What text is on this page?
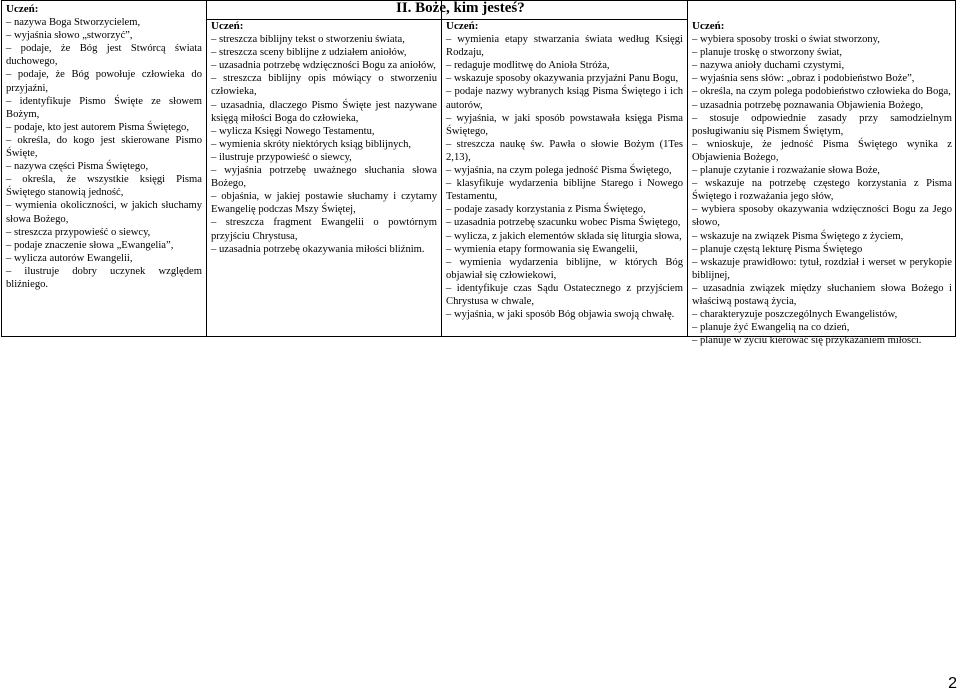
II. Boże, kim jesteś?
Uczeń:
– nazywa Boga Stworzycielem,
– wyjaśnia słowo „stworzyć”,
– podaje, że Bóg jest Stwórcą świata duchowego,
– podaje, że Bóg powołuje człowieka do przyjaźni,
– identyfikuje Pismo Święte ze słowem Bożym,
– podaje, kto jest autorem Pisma Świętego,
– określa, do kogo jest skierowane Pismo Święte,
– nazywa części Pisma Świętego,
– określa, że wszystkie księgi Pisma Świętego stanowią jedność,
– wymienia okoliczności, w jakich słuchamy słowa Bożego,
– streszcza przypowieść o siewcy,
– podaje znaczenie słowa „Ewangelia”,
– wylicza autorów Ewangelii,
– ilustruje dobry uczynek względem bliźniego.
Uczeń:
– streszcza biblijny tekst o stworzeniu świata,
– streszcza sceny biblijne z udziałem aniołów,
– uzasadnia potrzebę wdzięczności Bogu za aniołów,
– streszcza biblijny opis mówiący o stworzeniu człowieka,
– uzasadnia, dlaczego Pismo Święte jest nazywane księgą miłości Boga do człowieka,
– wylicza Księgi Nowego Testamentu,
– wymienia skróty niektórych ksiąg biblijnych,
– ilustruje przypowieść o siewcy,
– wyjaśnia potrzebę uważnego słuchania słowa Bożego,
– objaśnia, w jakiej postawie słuchamy i czytamy Ewangelię podczas Mszy Świętej,
– streszcza fragment Ewangelii o powtórnym przyjściu Chrystusa,
– uzasadnia potrzebę okazywania miłości bliźnim.
Uczeń:
– wymienia etapy stwarzania świata według Księgi Rodzaju,
– redaguje modlitwę do Anioła Stróża,
– wskazuje sposoby okazywania przyjaźni Panu Bogu,
– podaje nazwy wybranych ksiąg Pisma Świętego i ich autorów,
– wyjaśnia, w jaki sposób powstawała księga Pisma Świętego,
– streszcza naukę św. Pawła o słowie Bożym (1Tes 2,13),
– wyjaśnia, na czym polega jedność Pisma Świętego,
– klasyfikuje wydarzenia biblijne Starego i Nowego Testamentu,
– podaje zasady korzystania z Pisma Świętego,
– uzasadnia potrzebę szacunku wobec Pisma Świętego,
– wylicza, z jakich elementów składa się liturgia słowa,
– wymienia etapy formowania się Ewangelii,
– wymienia wydarzenia biblijne, w których Bóg objawiał się człowiekowi,
– identyfikuje czas Sądu Ostatecznego z przyjściem Chrystusa w chwale,
– wyjaśnia, w jaki sposób Bóg objawia swoją chwałę.
Uczeń:
– wybiera sposoby troski o świat stworzony,
– planuje troskę o stworzony świat,
– nazywa anioły duchami czystymi,
– wyjaśnia sens słów: „obraz i podobieństwo Boże”,
– określa, na czym polega podobieństwo człowieka do Boga,
– uzasadnia potrzebę poznawania Objawienia Bożego,
– stosuje odpowiednie zasady przy samodzielnym posługiwaniu się Pismem Świętym,
– wnioskuje, że jedność Pisma Świętego wynika z Objawienia Bożego,
– planuje czytanie i rozważanie słowa Boże,
– wskazuje na potrzebę częstego korzystania z Pisma Świętego i rozważania jego słów,
– wybiera sposoby okazywania wdzięczności Bogu za Jego słowo,
– wskazuje na związek Pisma Świętego z życiem,
– planuje częstą lekturę Pisma Świętego
– wskazuje prawidłowo: tytuł, rozdział i werset w perykopie biblijnej,
– uzasadnia związek między słuchaniem słowa Bożego i właściwą postawą życia,
– charakteryzuje poszczególnych Ewangelistów,
– planuje żyć Ewangelią na co dzień,
– planuje w życiu kierować się przykazaniem miłości.
2
